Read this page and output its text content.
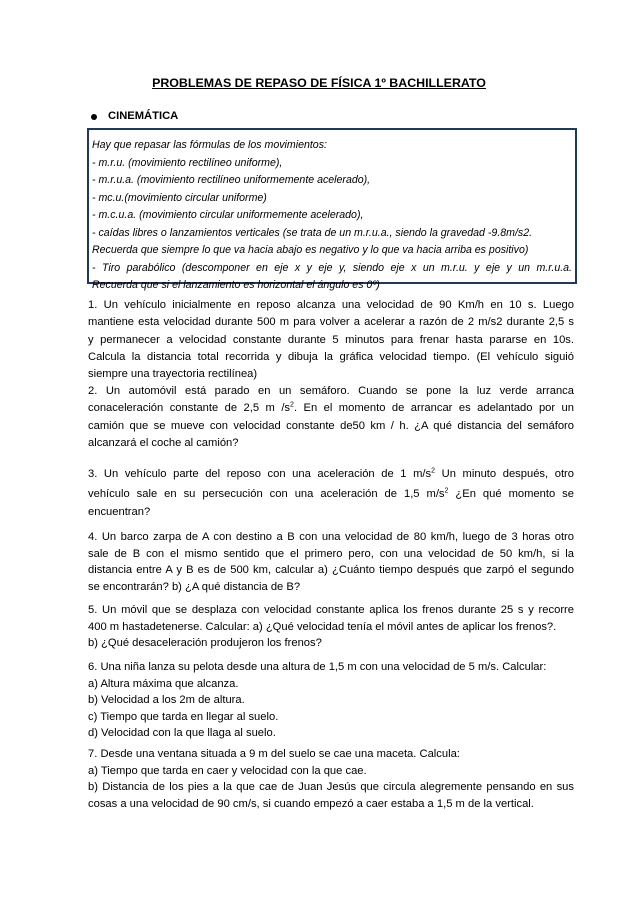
PROBLEMAS DE REPASO DE FÍSICA 1º BACHILLERATO
CINEMÁTICA
Hay que repasar las fórmulas de los movimientos:
- m.r.u. (movimiento rectilíneo uniforme),
- m.r.u.a. (movimiento rectilíneo uniformemente acelerado),
- mc.u.(movimiento circular uniforme)
- m.c.u.a. (movimiento circular uniformemente acelerado),
- caídas libres o lanzamientos verticales (se trata de un m.r.u.a., siendo la gravedad -9.8m/s2.
Recuerda que siempre lo que va hacia abajo es negativo y lo que va hacia arriba es positivo)
- Tiro parabólico (descomponer en eje x y eje y, siendo eje x un m.r.u. y eje y un m.r.u.a.
Recuerda que si el lanzamiento es horizontal el ángulo es 0º)
1. Un vehículo inicialmente en reposo alcanza una velocidad de 90 Km/h en 10 s. Luego
mantiene esta velocidad durante 500 m para volver a acelerar a razón de 2 m/s2 durante 2,5 s
y permanecer a velocidad constante durante 5 minutos para frenar hasta pararse en 10s.
Calcula la distancia total recorrida y dibuja la gráfica velocidad tiempo. (El vehículo siguió
siempre una trayectoria rectilínea)
2. Un automóvil está parado en un semáforo. Cuando se pone la luz verde arranca
conaceleración constante de 2,5 m $/s^2$. En el momento de arrancar es adelantado por un
camión que se mueve con velocidad constante de50 km / h. ¿A qué distancia del semáforo
alcanzará el coche al camión?
3. Un vehículo parte del reposo con una aceleración de 1 $m/s^2$ Un minuto después, otro
vehículo sale en su persecución con una aceleración de 1,5 $m/s^2$ ¿En qué momento se
encuentran?
4. Un barco zarpa de A con destino a B con una velocidad de 80 km/h, luego de 3 horas otro
sale de B con el mismo sentido que el primero pero, con una velocidad de 50 km/h, si la
distancia entre A y B es de 500 km, calcular a) ¿Cuánto tiempo después que zarpó el segundo
se encontrarán? b) ¿A qué distancia de B?
5. Un móvil que se desplaza con velocidad constante aplica los frenos durante 25 s y recorre
400 m hastadetenerse. Calcular: a) ¿Qué velocidad tenía el móvil antes de aplicar los frenos?.
b) ¿Qué desaceleración produjeron los frenos?
6. Una niña lanza su pelota desde una altura de 1,5 m con una velocidad de 5 m/s. Calcular:
a) Altura máxima que alcanza.
b) Velocidad a los 2m de altura.
c) Tiempo que tarda en llegar al suelo.
d) Velocidad con la que llaga al suelo.
7. Desde una ventana situada a 9 m del suelo se cae una maceta. Calcula:
a) Tiempo que tarda en caer y velocidad con la que cae.
b) Distancia de los pies a la que cae de Juan Jesús que circula alegremente pensando en sus
cosas a una velocidad de 90 cm/s, si cuando empezó a caer estaba a 1,5 m de la vertical.
